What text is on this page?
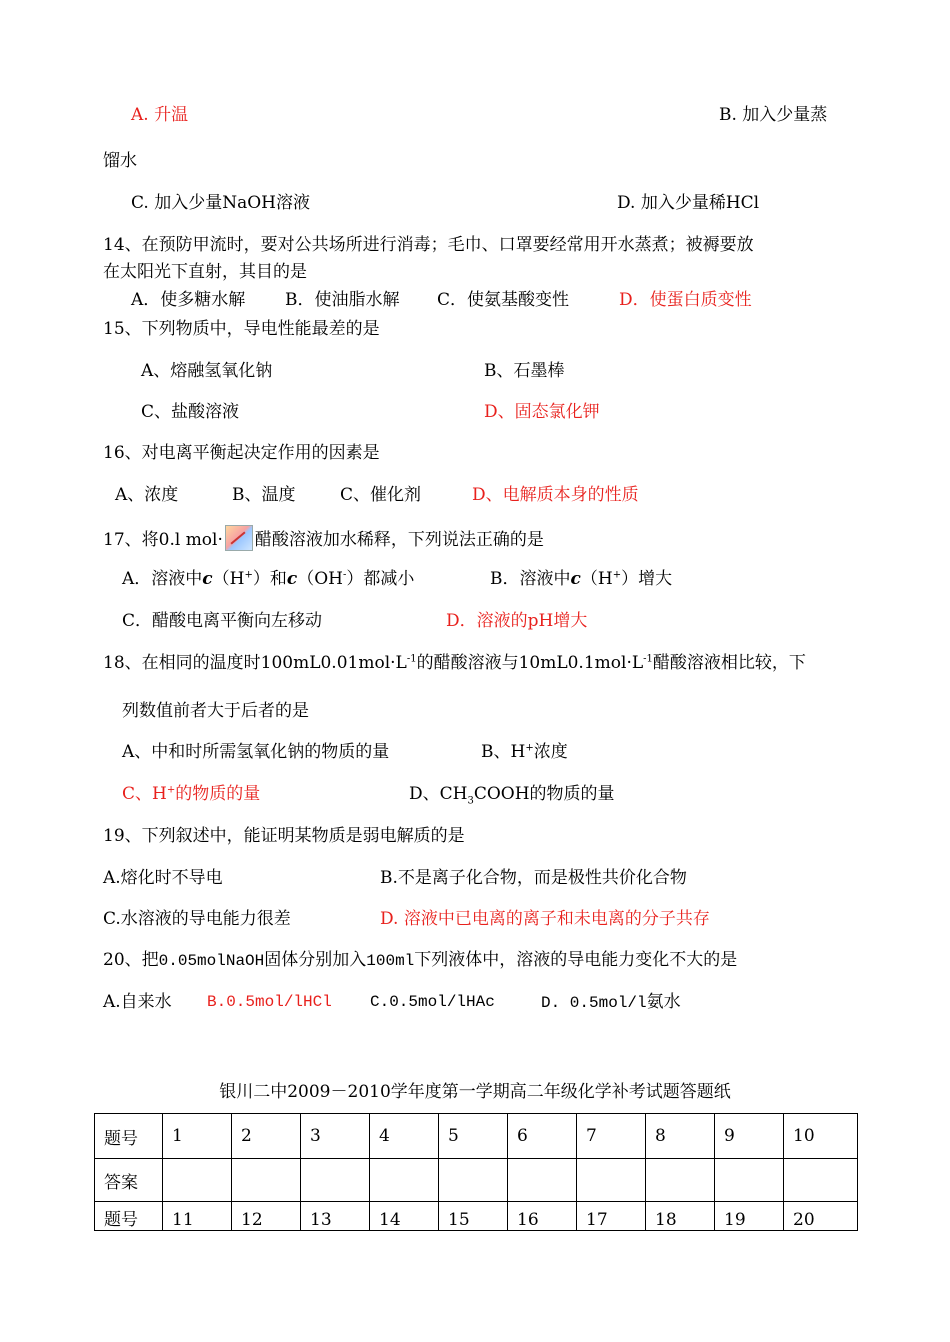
A. 升温	B. 加入少量蒸
馏水
C. 加入少量NaOH溶液	D. 加入少量稀HCl
14、在预防甲流时，要对公共场所进行消毒；毛巾、口罩要经常用开水蒸煮；被褥要放
在太阳光下直射，其目的是
A．使多糖水解 B．使油脂水解 C．使氨基酸变性	D．使蛋白质变性
15、下列物质中，导电性能最差的是
A、熔融氢氧化钠	B、石墨棒
C、盐酸溶液	D、固态氯化钾
16、对电离平衡起决定作用的因素是
A、浓度	B、温度	C、催化剂	D、电解质本身的性质
17、将0.l mol· 醋酸溶液加水稀释，下列说法正确的是
A．溶液中c（H+）和c（OH-）都减小	B．溶液中c（H+）增大
C．醋酸电离平衡向左移动	D．溶液的pH增大
18、在相同的温度时$100mL0.01mol\cdot L^{-1}$的醋酸溶液与$10mL0.1mol\cdot L^{-1}$醋酸溶液相比较，下
列数值前者大于后者的是
A、中和时所需氢氧化钠的物质的量	B、H+浓度
C、H+的物质的量	D、$CH_3COOH$的物质的量
19、下列叙述中，能证明某物质是弱电解质的是
A.熔化时不导电	B.不是离子化合物，而是极性共价化合物
C.水溶液的导电能力很差	D. 溶液中已电离的离子和未电离的分子共存
20、把0.05molNaOH固体分别加入100ml下列液体中，溶液的导电能力变化不大的是
A.自来水 B.0.5mol/lHCl C.0.5mol/lHAc	D. 0.5mol/l氨水
银川二中2009－2010学年度第一学期高二年级化学补考试题答题纸
题号	1	2	3	4	5	6	7	8	9	10
答案										
题号	11	12	13	14	15	16	17	18	19	20
